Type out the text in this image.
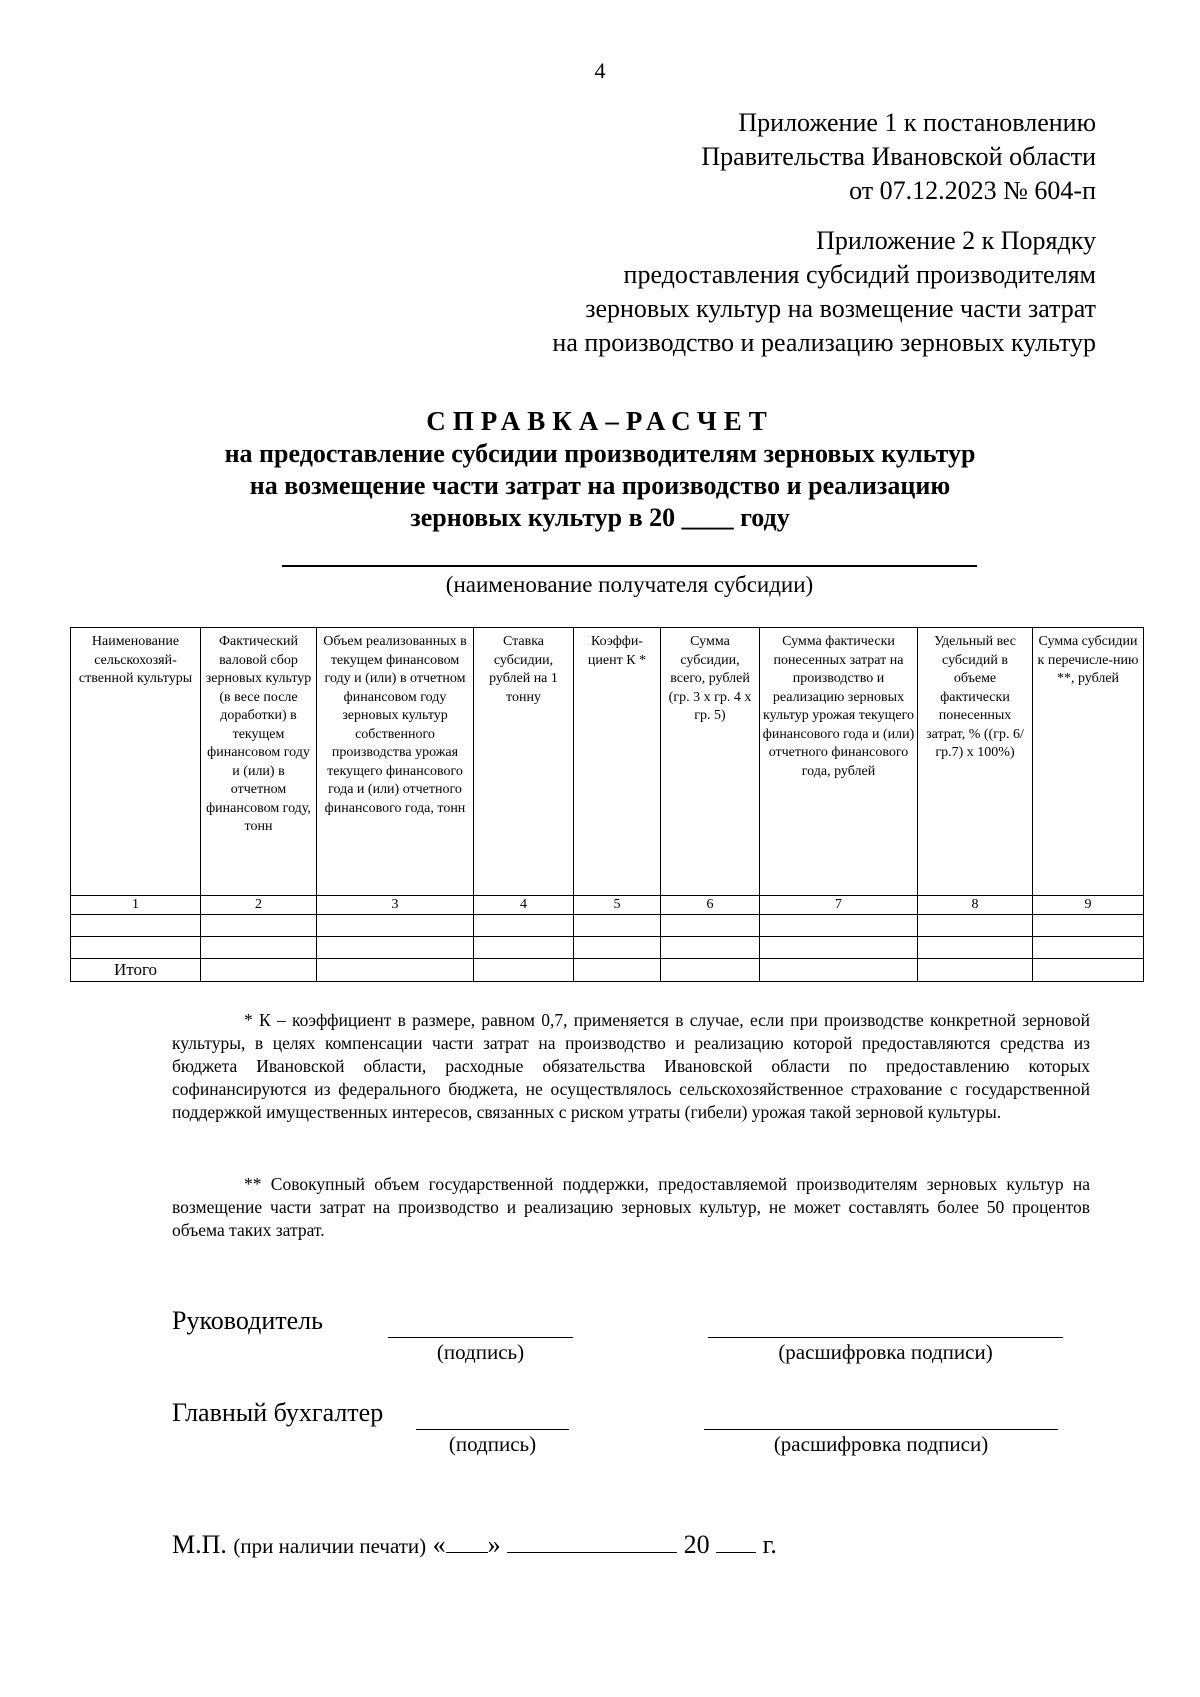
4
Приложение 1 к постановлению
Правительства Ивановской области
от 07.12.2023 № 604-п
Приложение 2 к Порядку
предоставления субсидий производителям
зерновых культур на возмещение части затрат
на производство и реализацию зерновых культур
СПРАВКА–РАСЧЕТ
на предоставление субсидии производителям зерновых культур
на возмещение части затрат на производство и реализацию
зерновых культур в 20 ____ году
(наименование получателя субсидии)
Наименование сельскохозяй-ственной культуры	Фактический валовой сбор зерновых культур (в весе после доработки) в текущем финансовом году и (или) в отчетном финансовом году, тонн	Объем реализованных в текущем финансовом году и (или) в отчетном финансовом году зерновых культур собственного производства урожая текущего финансового года и (или) отчетного финансового года, тонн	Ставка субсидии, рублей на 1 тонну	Коэффи-циент К *	Сумма субсидии, всего, рублей (гр. 3 х гр. 4 х гр. 5)	Сумма фактически понесенных затрат на производство и реализацию зерновых культур урожая текущего финансового года и (или) отчетного финансового года, рублей	Удельный вес субсидий в объеме фактически понесенных затрат, % ((гр. 6/ гр.7) х 100%)	Сумма субсидии к перечисле-нию **, рублей
1	2	3	4	5	6	7	8	9

Итого								

* К – коэффициент в размере, равном 0,7, применяется в случае, если при производстве конкретной зерновой культуры, в целях компенсации части затрат на производство и реализацию которой предоставляются средства из бюджета Ивановской области, расходные обязательства Ивановской области по предоставлению которых софинансируются из федерального бюджета, не осуществлялось сельскохозяйственное страхование с государственной поддержкой имущественных интересов, связанных с риском утраты (гибели) урожая такой зерновой культуры.

** Совокупный объем государственной поддержки, предоставляемой производителям зерновых культур на возмещение части затрат на производство и реализацию зерновых культур, не может составлять более 50 процентов объема таких затрат.

Руководитель
(подпись)	(расшифровка подписи)
Главный бухгалтер
(подпись)	(расшифровка подписи)
М.П. (при наличии печати) « »	20 г.
